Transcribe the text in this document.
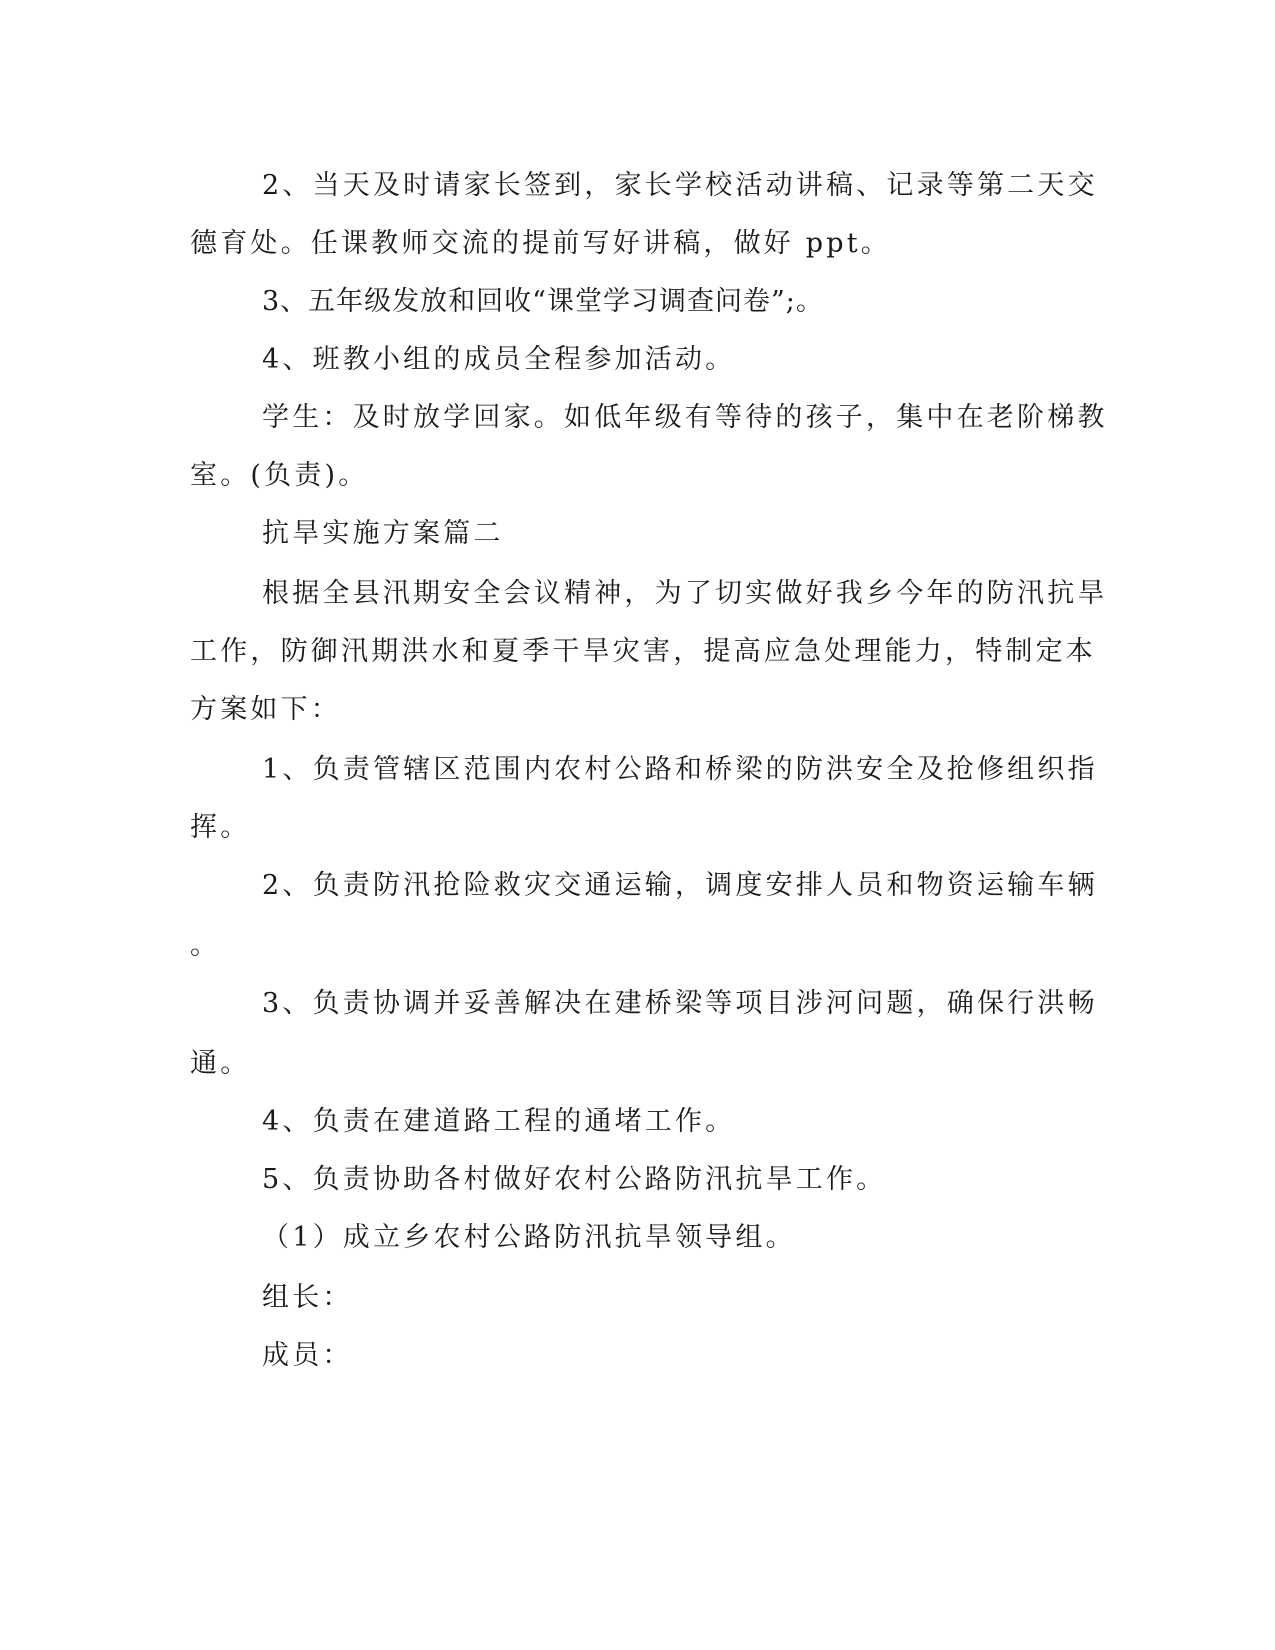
2、当天及时请家长签到，家长学校活动讲稿、记录等第二天交
德育处。任课教师交流的提前写好讲稿，做好 ppt。
3、五年级发放和回收“课堂学习调查问卷”;。
4、班教小组的成员全程参加活动。
学生：及时放学回家。如低年级有等待的孩子，集中在老阶梯教
室。(负责)。
抗旱实施方案篇二
根据全县汛期安全会议精神，为了切实做好我乡今年的防汛抗旱
工作，防御汛期洪水和夏季干旱灾害，提高应急处理能力，特制定本
方案如下：
1、负责管辖区范围内农村公路和桥梁的防洪安全及抢修组织指
挥。
2、负责防汛抢险救灾交通运输，调度安排人员和物资运输车辆
。
3、负责协调并妥善解决在建桥梁等项目涉河问题，确保行洪畅
通。
4、负责在建道路工程的通堵工作。
5、负责协助各村做好农村公路防汛抗旱工作。
（1）成立乡农村公路防汛抗旱领导组。
组长：
成员：
